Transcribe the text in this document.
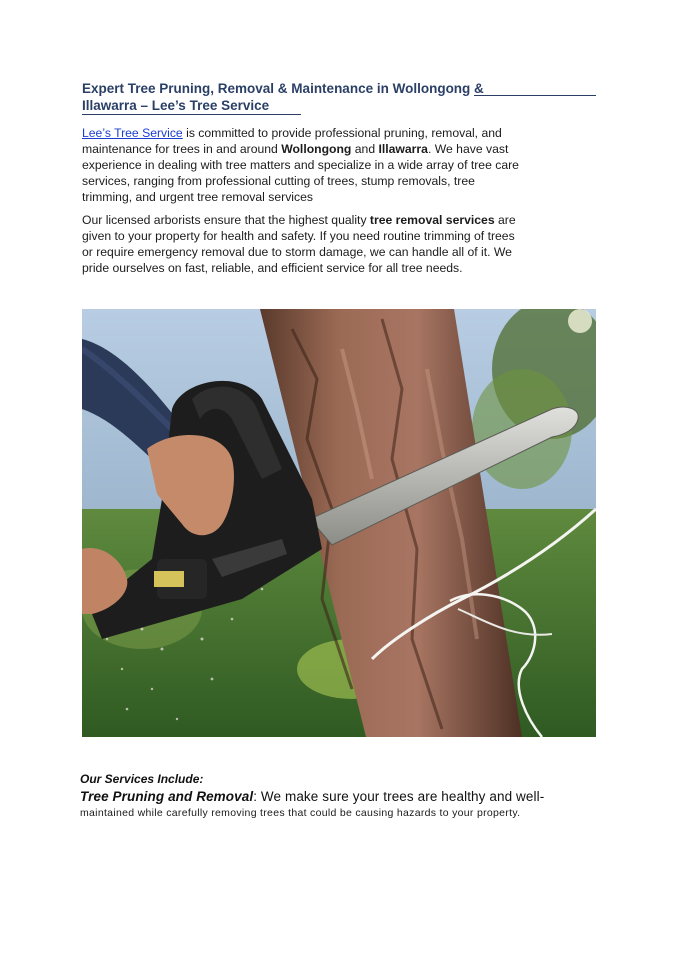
Expert Tree Pruning, Removal & Maintenance in Wollongong &
Illawarra – Lee’s Tree Service
Lee’s Tree Service is committed to provide professional pruning, removal, and maintenance for trees in and around Wollongong and Illawarra. We have vast experience in dealing with tree matters and specialize in a wide array of tree care services, ranging from professional cutting of trees, stump removals, tree trimming, and urgent tree removal services
Our licensed arborists ensure that the highest quality tree removal services are given to your property for health and safety. If you need routine trimming of trees or require emergency removal due to storm damage, we can handle all of it. We pride ourselves on fast, reliable, and efficient service for all tree needs.
Our Services Include:
Tree Pruning and Removal: We make sure your trees are healthy and well-
maintained while carefully removing trees that could be causing hazards to your property.
